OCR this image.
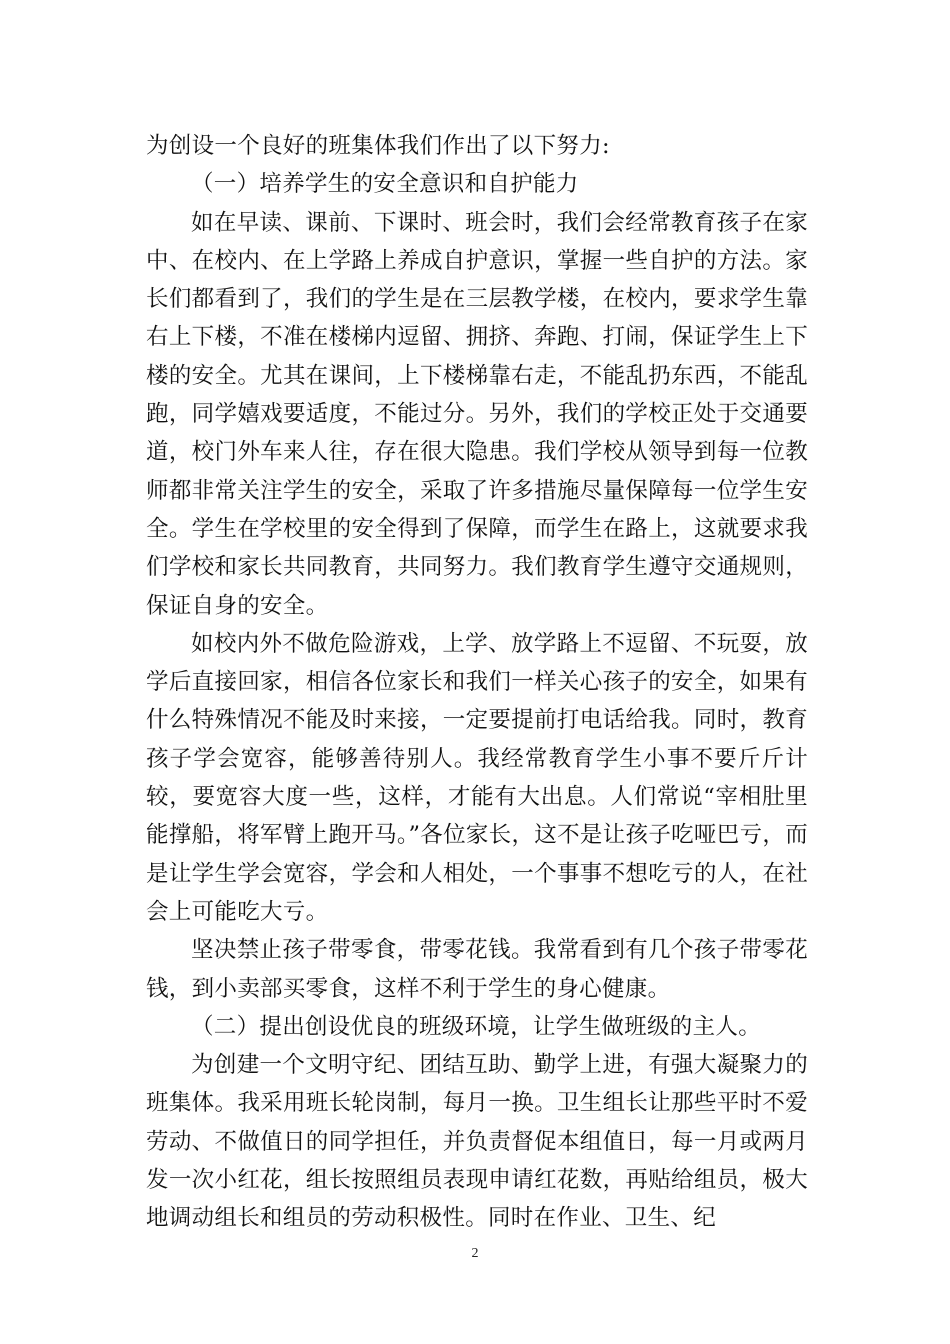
为创设一个良好的班集体我们作出了以下努力:

（一）培养学生的安全意识和自护能力

如在早读、课前、下课时、班会时，我们会经常教育孩子在家中、在校内、在上学路上养成自护意识，掌握一些自护的方法。家长们都看到了，我们的学生是在三层教学楼，在校内，要求学生靠右上下楼，不准在楼梯内逗留、拥挤、奔跑、打闹，保证学生上下楼的安全。尤其在课间，上下楼梯靠右走，不能乱扔东西，不能乱跑，同学嬉戏要适度，不能过分。另外，我们的学校正处于交通要道，校门外车来人往，存在很大隐患。我们学校从领导到每一位教师都非常关注学生的安全，采取了许多措施尽量保障每一位学生安全。学生在学校里的安全得到了保障，而学生在路上，这就要求我们学校和家长共同教育，共同努力。我们教育学生遵守交通规则，保证自身的安全。

如校内外不做危险游戏，上学、放学路上不逗留、不玩耍，放学后直接回家，相信各位家长和我们一样关心孩子的安全，如果有什么特殊情况不能及时来接，一定要提前打电话给我。同时，教育孩子学会宽容，能够善待别人。我经常教育学生小事不要斤斤计较，要宽容大度一些，这样，才能有大出息。人们常说“宰相肚里能撑船，将军臂上跑开马。”各位家长，这不是让孩子吃哑巴亏，而是让学生学会宽容，学会和人相处，一个事事不想吃亏的人，在社会上可能吃大亏。

坚决禁止孩子带零食，带零花钱。我常看到有几个孩子带零花钱，到小卖部买零食，这样不利于学生的身心健康。

（二）提出创设优良的班级环境，让学生做班级的主人。

为创建一个文明守纪、团结互助、勤学上进，有强大凝聚力的班集体。我采用班长轮岗制，每月一换。卫生组长让那些平时不爱劳动、不做值日的同学担任，并负责督促本组值日，每一月或两月发一次小红花，组长按照组员表现申请红花数，再贴给组员，极大地调动组长和组员的劳动积极性。同时在作业、卫生、纪

2
